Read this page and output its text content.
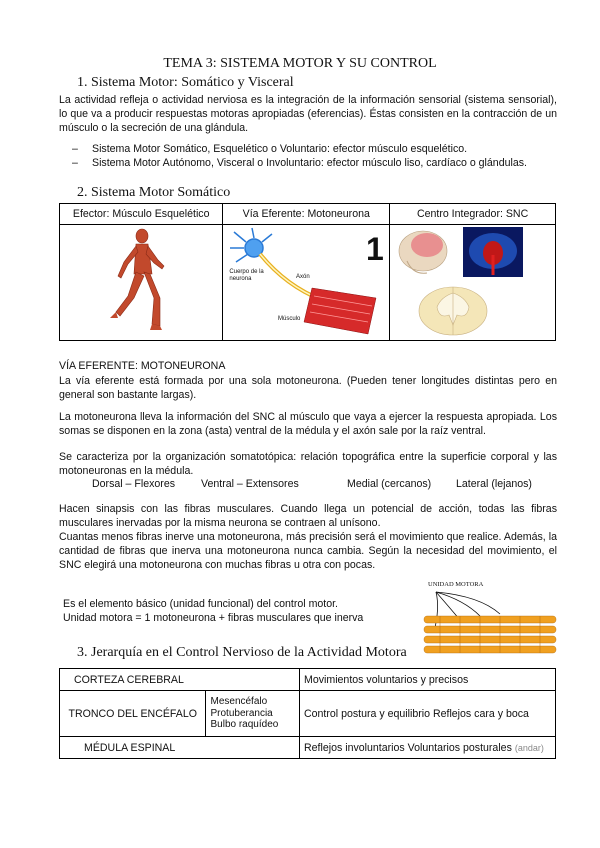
TEMA 3: SISTEMA MOTOR Y SU CONTROL
1. Sistema Motor: Somático y Visceral
La actividad refleja o actividad nerviosa es la integración de la información sensorial (sistema sensorial), lo que va a producir respuestas motoras apropiadas (eferencias). Éstas consisten en la contracción de un músculo o la secreción de una glándula.
–	Sistema Motor Somático, Esquelético o Voluntario: efector músculo esquelético.
–	Sistema Motor Autónomo, Visceral o Involuntario: efector músculo liso, cardíaco o glándulas.
2. Sistema Motor Somático
Efector: Músculo Esquelético	Vía Eferente: Motoneurona	Centro Integrador: SNC

1
Axón
Músculo
Cuerpo de la neurona

VÍA EFERENTE: MOTONEURONA
La vía eferente está formada por una sola motoneurona. (Pueden tener longitudes distintas pero en general son bastante largas).
La motoneurona lleva la información del SNC al músculo que vaya a ejercer la respuesta apropiada. Los somas se disponen en la zona (asta) ventral de la médula y el axón sale por la raíz ventral.
Se caracteriza por la organización somatotópica: relación topográfica entre la superficie corporal y las motoneuronas en la médula.
Dorsal – Flexores Ventral – Extensores	Medial (cercanos) Lateral (lejanos)
Hacen sinapsis con las fibras musculares. Cuando llega un potencial de acción, todas las fibras musculares inervadas por la misma neurona se contraen al unísono.
Cuantas menos fibras inerve una motoneurona, más precisión será el movimiento que realice. Además, la cantidad de fibras que inerva una motoneurona nunca cambia. Según la necesidad del movimiento, el SNC elegirá una motoneurona con muchas fibras u otra con pocas.
Es el elemento básico (unidad funcional) del control motor.
Unidad motora = 1 motoneurona + fibras musculares que inerva
UNIDAD MOTORA
3. Jerarquía en el Control Nervioso de la Actividad Motora
CORTEZA CEREBRAL		Movimientos voluntarios y precisos
TRONCO DEL ENCÉFALO	Mesencéfalo
Protuberancia
Bulbo raquídeo	Control postura y equilibrio Reflejos cara y boca
MÉDULA ESPINAL		Reflejos involuntarios Voluntarios posturales (andar)
